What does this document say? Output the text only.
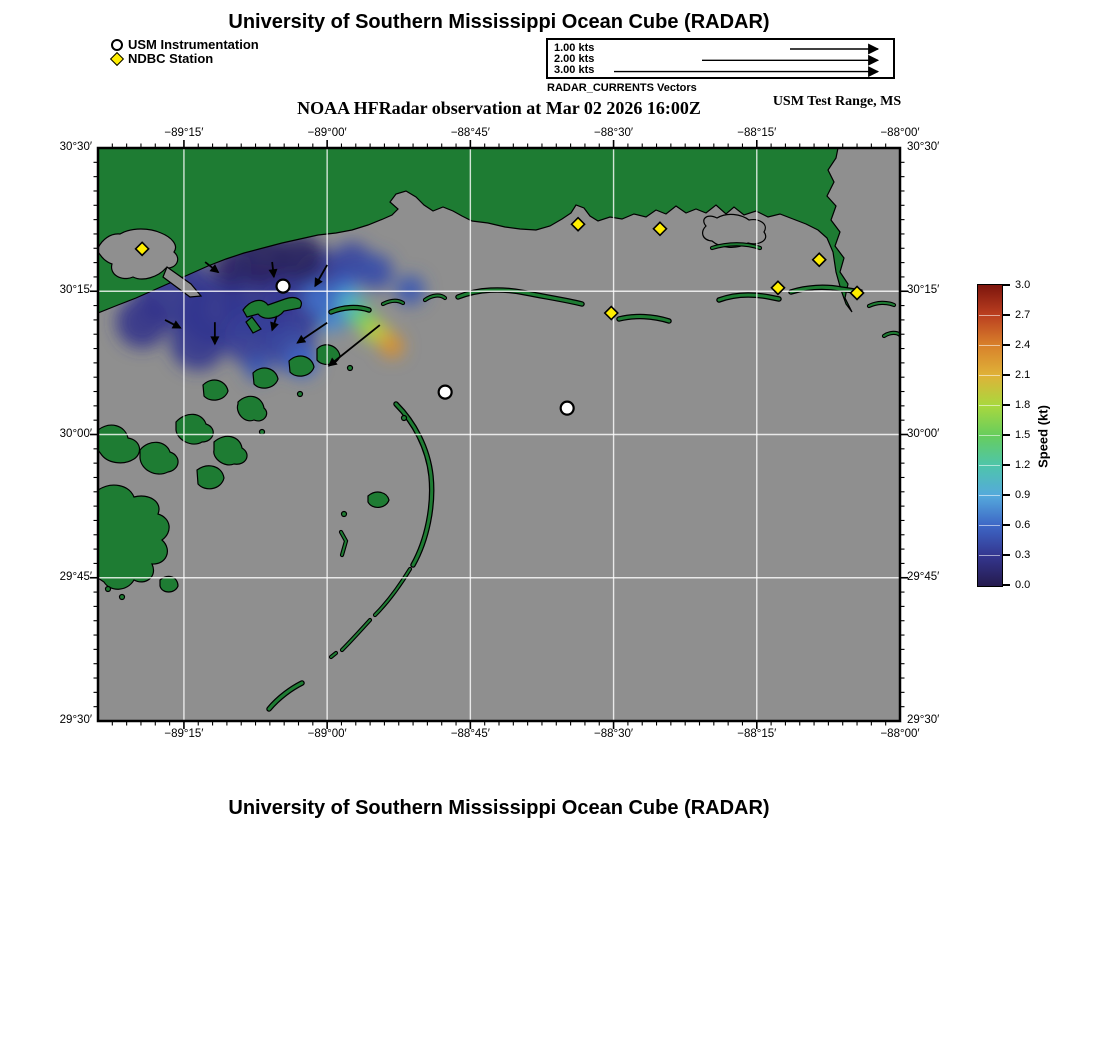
University of Southern Mississippi Ocean Cube (RADAR)
USM Instrumentation
NDBC Station
1.00 kts
2.00 kts
3.00 kts
RADAR_CURRENTS Vectors
NOAA HFRadar observation at Mar 02 2026 16:00Z	USM Test Range, MS
Speed (kt)
University of Southern Mississippi Ocean Cube (RADAR)
−89°15′
−89°15′
−89°00′
−89°00′
−88°45′
−88°45′
−88°30′
−88°30′
−88°15′
−88°15′
−88°00′
−88°00′
30°30′	30°30′
30°15′	30°15′
30°00′	30°00′
29°45′	29°45′
29°30′	29°30′
0.0
0.3
0.6
0.9
1.2
1.5
1.8
2.1
2.4
2.7
3.0
